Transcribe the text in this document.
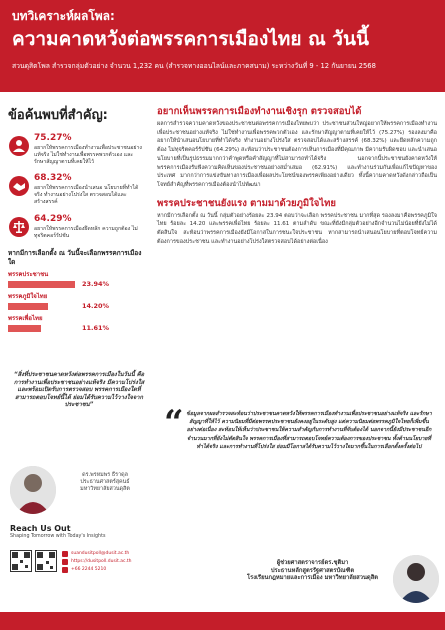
บทวิเคราะห์ผลโพล:
ความคาดหวังต่อพรรคการเมืองไทย ณ วันนี้
สวนดุสิตโพล สำรวจกลุ่มตัวอย่าง จำนวน 1,232 คน (สำรวจทางออนไลน์และภาคสนาม) ระหว่างวันที่ 9 - 12 กันยายน 2568
ข้อค้นพบที่สำคัญ:
75.27%
อยากให้พรรคการเมืองทำงานเพื่อประชาชนอย่างแท้จริง ไม่ใช่ทำงานเพื่อพรรคพวกตัวเอง และรักษาสัญญาตามที่เคยให้ไว้
68.32%
อยากให้พรรคการเมืองนำเสนอ นโยบายที่ทำได้จริง ทำงานอย่างโปร่งใส ตรวจสอบได้และสร้างสรรค์
64.29%
อยากให้พรรคการเมืองยึดหลัก ความถูกต้อง ไม่ทุจริตคอร์รัปชัน
หากมีการเลือกตั้ง ณ วันนี้จะเลือกพรรคการเมืองใด
พรรคประชาชน
23.94%
พรรคภูมิใจไทย
14.20%
พรรคเพื่อไทย
11.61%
“สิ่งที่ประชาชนคาดหวังต่อพรรคการเมืองในวันนี้ คือการทำงานเพื่อประชาชนอย่างแท้จริง มีความโปร่งใส และพร้อมเปิดรับการตรวจสอบ พรรคการเมืองใดที่สามารถตอบโจทย์นี้ได้ ย่อมได้รับความไว้วางใจจากประชาชน”
ดร.พรหมพร ธีราดุล
ประธานศาสตร์สุคนธ์
มหาวิทยาลัยสวนดุสิต
อยากเห็นพรรคการเมืองทำงานเชิงรุก ตรวจสอบได้
ผลการสำรวจความคาดหวังของประชาชนต่อพรรคการเมืองไทยพบว่า ประชาชนส่วนใหญ่อยากให้พรรคการเมืองทำงานเพื่อประชาชนอย่างแท้จริง ไม่ใช่ทำงานเพื่อพรรคพวกตัวเอง และรักษาสัญญาตามที่เคยให้ไว้ (75.27%) รองลงมาคืออยากให้นำเสนอนโยบายที่ทำได้จริง ทำงานอย่างโปร่งใส ตรวจสอบได้และสร้างสรรค์ (68.32%) และยึดหลักความถูกต้อง ไม่ทุจริตคอร์รัปชัน (64.29%) สะท้อนว่าประชาชนต้องการเห็นการเมืองที่มีคุณภาพ มีความรับผิดชอบ และนำเสนอนโยบายที่เป็นรูปธรรมมากกว่าคำพูดหรือคำสัญญาที่ไม่สามารถทำได้จริง นอกจากนี้ประชาชนยังคาดหวังให้พรรคการเมืองรับฟังความคิดเห็นของประชาชนอย่างสม่ำเสมอ (62.91%) และทำงานร่วมกันเพื่อแก้ไขปัญหาของประเทศ มากกว่าการแข่งขันทางการเมืองเพื่อผลประโยชน์ของพรรคเพียงอย่างเดียว ทั้งนี้ความคาดหวังดังกล่าวถือเป็นโจทย์สำคัญที่พรรคการเมืองต้องนำไปพัฒนา
พรรคประชาชนยังแรง ตามมาด้วยภูมิใจไทย
หากมีการเลือกตั้ง ณ วันนี้ กลุ่มตัวอย่างร้อยละ 23.94 ตอบว่าจะเลือก พรรคประชาชน มากที่สุด รองลงมาคือพรรคภูมิใจไทย ร้อยละ 14.20 และพรรคเพื่อไทย ร้อยละ 11.61 ตามลำดับ ขณะที่ยังมีกลุ่มตัวอย่างอีกจำนวนไม่น้อยที่ยังไม่ได้ตัดสินใจ สะท้อนว่าพรรคการเมืองยังมีโอกาสในการชนะใจประชาชน หากสามารถนำเสนอนโยบายที่ตอบโจทย์ความต้องการของประชาชน และทำงานอย่างโปร่งใสตรวจสอบได้อย่างต่อเนื่อง
“ ข้อมูลจากผลสำรวจสะท้อนว่าประชาชนคาดหวังให้พรรคการเมืองทำงานเพื่อประชาชนอย่างแท้จริง และรักษาสัญญาที่ให้ไว้ ความนิยมที่มีต่อพรรคประชาชนยังคงอยู่ในระดับสูง แต่ความนิยมต่อพรรคภูมิใจไทยก็เพิ่มขึ้นอย่างต่อเนื่อง สะท้อนให้เห็นว่าประชาชนให้ความสำคัญกับการทำงานที่จับต้องได้ นอกจากนี้ยังมีประชาชนอีกจำนวนมากที่ยังไม่ตัดสินใจ พรรคการเมืองที่สามารถตอบโจทย์ความต้องการของประชาชน ทั้งด้านนโยบายที่ทำได้จริง และการทำงานที่โปร่งใส ย่อมมีโอกาสได้รับความไว้วางใจมากขึ้นในการเลือกตั้งครั้งต่อไป
ผู้ช่วยศาสตราจารย์ดร.ชุติมา
ประธานหลักสูตรรัฐศาสตรบัณฑิต
โรงเรียนกฎหมายและการเมือง มหาวิทยาลัยสวนดุสิต
Reach Us Out
Shaping Tomorrow with Today's Insights
suandusitpoll@dusit.ac.th
https://dusitpoll.dusit.ac.th
+66 2244 5210
